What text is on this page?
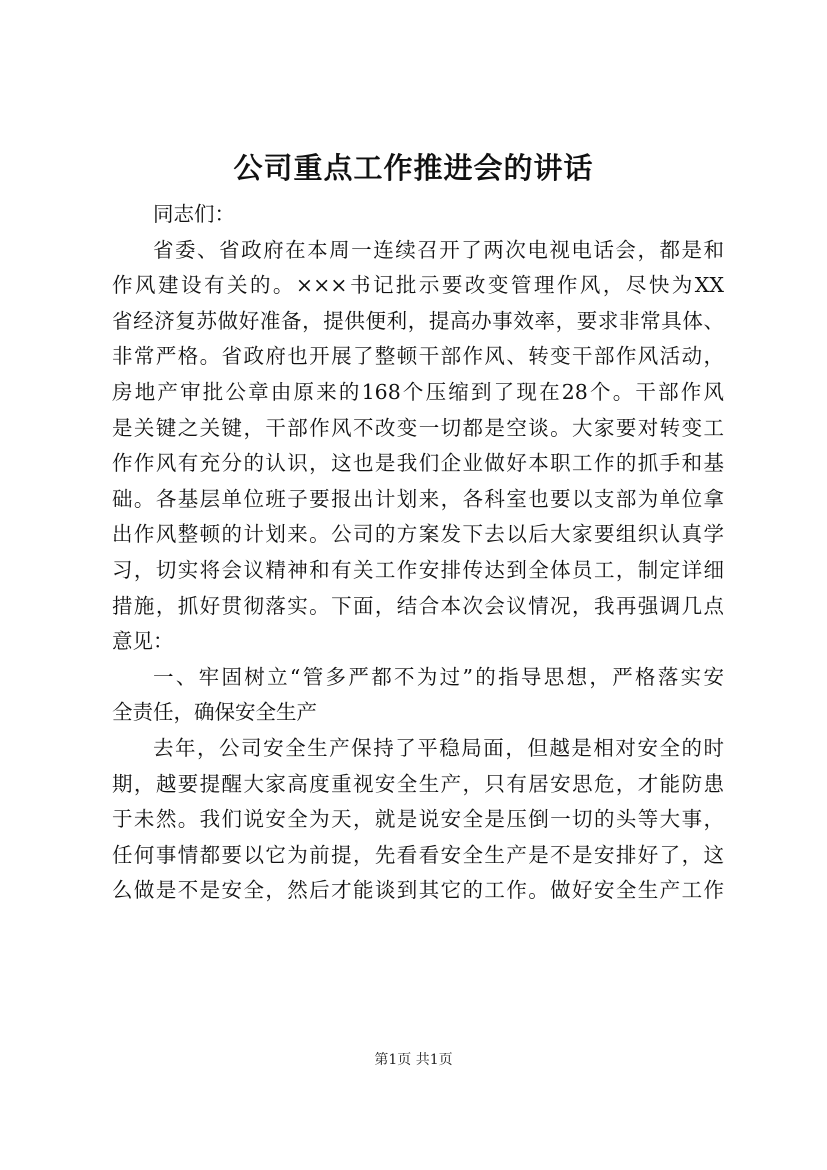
公司重点工作推进会的讲话
同志们：
省委、省政府在本周一连续召开了两次电视电话会，都是和
作风建设有关的。×××书记批示要改变管理作风，尽快为XX
省经济复苏做好准备，提供便利，提高办事效率，要求非常具体、
非常严格。省政府也开展了整顿干部作风、转变干部作风活动，
房地产审批公章由原来的168个压缩到了现在28个。干部作风
是关键之关键，干部作风不改变一切都是空谈。大家要对转变工
作作风有充分的认识，这也是我们企业做好本职工作的抓手和基
础。各基层单位班子要报出计划来，各科室也要以支部为单位拿
出作风整顿的计划来。公司的方案发下去以后大家要组织认真学
习，切实将会议精神和有关工作安排传达到全体员工，制定详细
措施，抓好贯彻落实。下面，结合本次会议情况，我再强调几点
意见：
一、牢固树立“管多严都不为过”的指导思想，严格落实安
全责任，确保安全生产
去年，公司安全生产保持了平稳局面，但越是相对安全的时
期，越要提醒大家高度重视安全生产，只有居安思危，才能防患
于未然。我们说安全为天，就是说安全是压倒一切的头等大事，
任何事情都要以它为前提，先看看安全生产是不是安排好了，这
么做是不是安全，然后才能谈到其它的工作。做好安全生产工作
第1页 共1页
